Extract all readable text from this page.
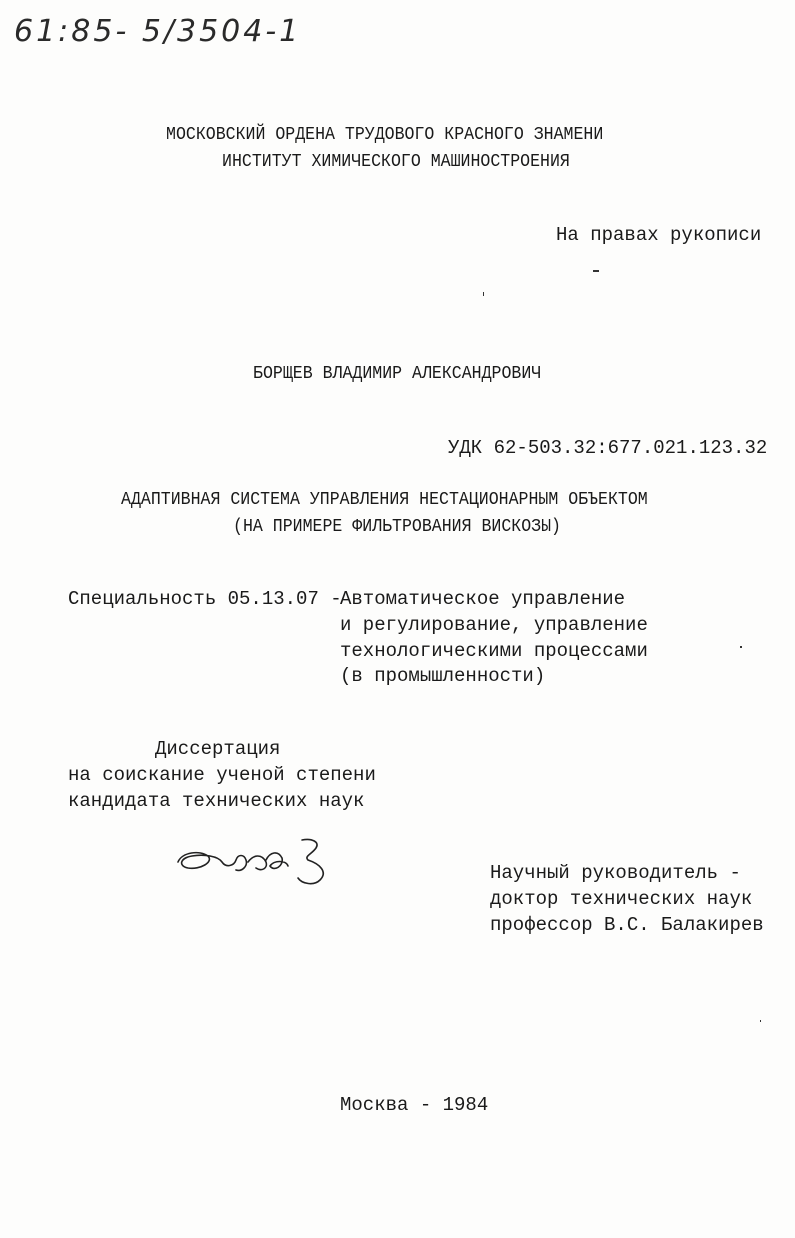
61:85- 5/3504-1
МОСКОВСКИЙ ОРДЕНА ТРУДОВОГО КРАСНОГО ЗНАМЕНИ
ИНСТИТУТ ХИМИЧЕСКОГО МАШИНОСТРОЕНИЯ
На правах рукописи
БОРЩЕВ ВЛАДИМИР АЛЕКСАНДРОВИЧ
УДК 62-503.32:677.021.123.32
АДАПТИВНАЯ СИСТЕМА УПРАВЛЕНИЯ НЕСТАЦИОНАРНЫМ ОБЪЕКТОМ
(НА ПРИМЕРЕ ФИЛЬТРОВАНИЯ ВИСКОЗЫ)
Специальность 05.13.07 -
Автоматическое управление
и регулирование, управление
технологическими процессами
(в промышленности)
Диссертация
на соискание ученой степени
кандидата технических наук
Научный руководитель -
доктор технических наук
профессор В.С. Балакирев
Москва - 1984
